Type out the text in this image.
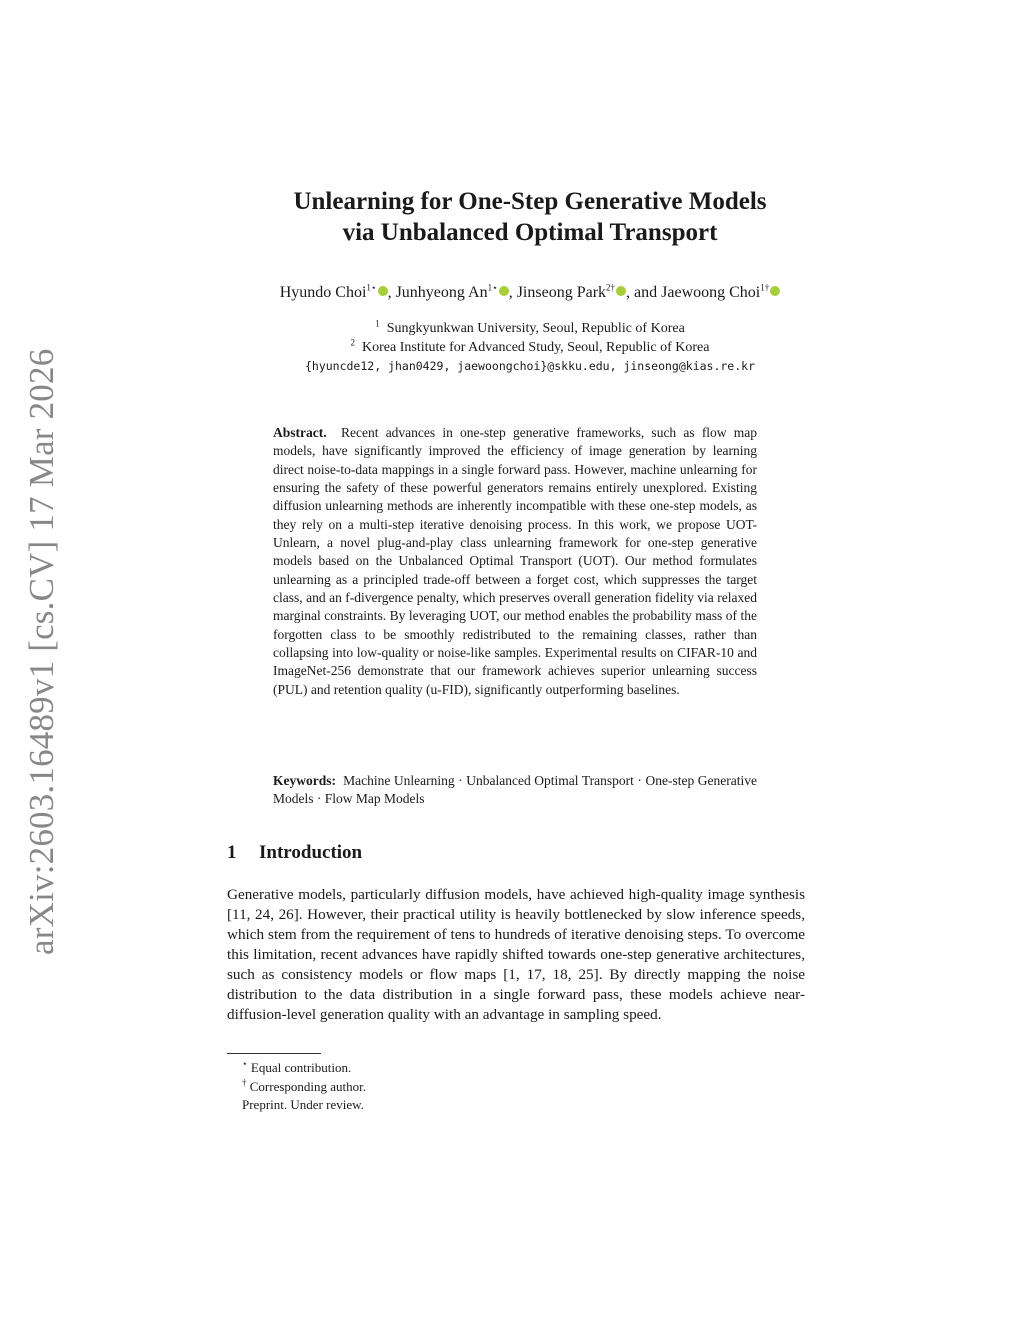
arXiv:2603.16489v1 [cs.CV] 17 Mar 2026
Unlearning for One-Step Generative Models
via Unbalanced Optimal Transport
Hyundo Choi$^{1⋆}$ , Junhyeong $An^{1⋆}$ , Jinseong Park$^{2\dagger}$ , and Jaewoong Choi$^{1\dagger}$
$^1$ Sungkyunkwan University, Seoul, Republic of Korea
$^2$ Korea Institute for Advanced Study, Seoul, Republic of Korea
{hyuncde12, jhan0429, jaewoongchoi}@skku.edu, jinseong@kias.re.kr

Abstract. Recent advances in one-step generative frameworks, such as flow map models, have significantly improved the efficiency of image generation by learning direct noise-to-data mappings in a single forward pass. However, machine unlearning for ensuring the safety of these powerful generators remains entirely unexplored. Existing diffusion unlearning methods are inherently incompatible with these one-step models, as they rely on a multi-step iterative denoising process. In this work, we propose UOT-Unlearn, a novel plug-and-play class unlearning framework for one-step generative models based on the Unbalanced Optimal Transport (UOT). Our method formulates unlearning as a principled trade-off between a forget cost, which suppresses the target class, and an f-divergence penalty, which preserves overall generation fidelity via relaxed marginal constraints. By leveraging UOT, our method enables the probability mass of the forgotten class to be smoothly redistributed to the remaining classes, rather than collapsing into low-quality or noise-like samples. Experimental results on CIFAR-10 and ImageNet-256 demonstrate that our framework achieves superior unlearning success (PUL) and retention quality (u-FID), significantly outperforming baselines.

Keywords: Machine Unlearning · Unbalanced Optimal Transport · One-step Generative Models · Flow Map Models

1 Introduction

Generative models, particularly diffusion models, have achieved high-quality image synthesis [11, 24, 26]. However, their practical utility is heavily bottlenecked by slow inference speeds, which stem from the requirement of tens to hundreds of iterative denoising steps. To overcome this limitation, recent advances have rapidly shifted towards one-step generative architectures, such as consistency models or flow maps [1, 17, 18, 25]. By directly mapping the noise distribution to the data distribution in a single forward pass, these models achieve near-diffusion-level generation quality with an advantage in sampling speed.

⋆ Equal contribution.
† Corresponding author.
Preprint. Under review.
